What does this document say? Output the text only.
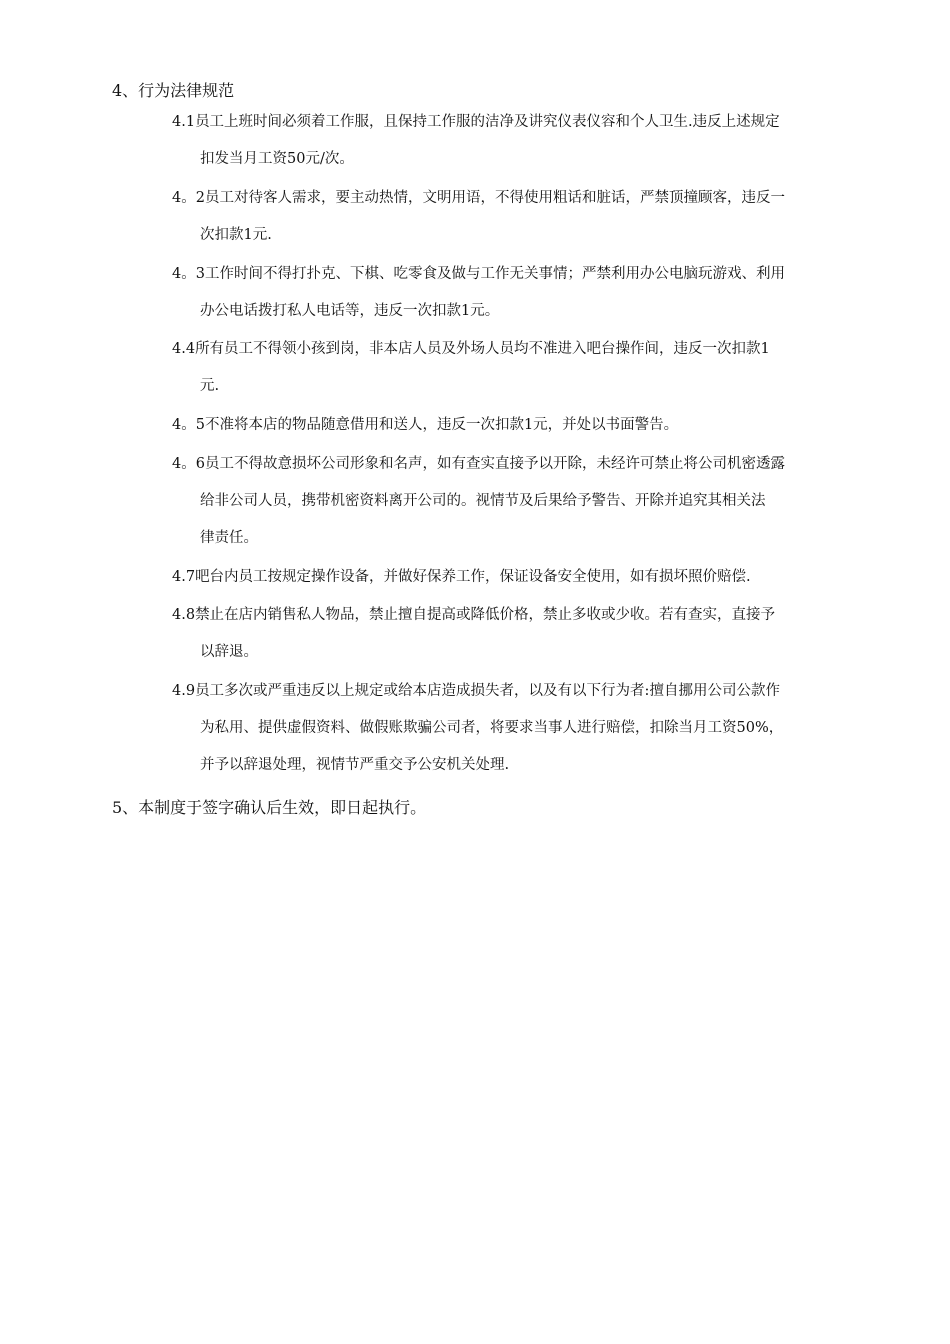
4、行为法律规范
4.1员工上班时间必须着工作服，且保持工作服的洁净及讲究仪表仪容和个人卫生.违反上述规定
扣发当月工资50元/次。
4。2员工对待客人需求，要主动热情，文明用语，不得使用粗话和脏话，严禁顶撞顾客，违反一
次扣款1元.
4。3工作时间不得打扑克、下棋、吃零食及做与工作无关事情；严禁利用办公电脑玩游戏、利用
办公电话拨打私人电话等，违反一次扣款1元。
4.4所有员工不得领小孩到岗，非本店人员及外场人员均不准进入吧台操作间，违反一次扣款1
元.
4。5不准将本店的物品随意借用和送人，违反一次扣款1元，并处以书面警告。
4。6员工不得故意损坏公司形象和名声，如有查实直接予以开除，未经许可禁止将公司机密透露
给非公司人员，携带机密资料离开公司的。视情节及后果给予警告、开除并追究其相关法
律责任。
4.7吧台内员工按规定操作设备，并做好保养工作，保证设备安全使用，如有损坏照价赔偿.
4.8禁止在店内销售私人物品，禁止擅自提高或降低价格，禁止多收或少收。若有查实，直接予
以辞退。
4.9员工多次或严重违反以上规定或给本店造成损失者，以及有以下行为者:擅自挪用公司公款作
为私用、提供虚假资料、做假账欺骗公司者，将要求当事人进行赔偿，扣除当月工资50%，
并予以辞退处理，视情节严重交予公安机关处理.
5、本制度于签字确认后生效，即日起执行。
